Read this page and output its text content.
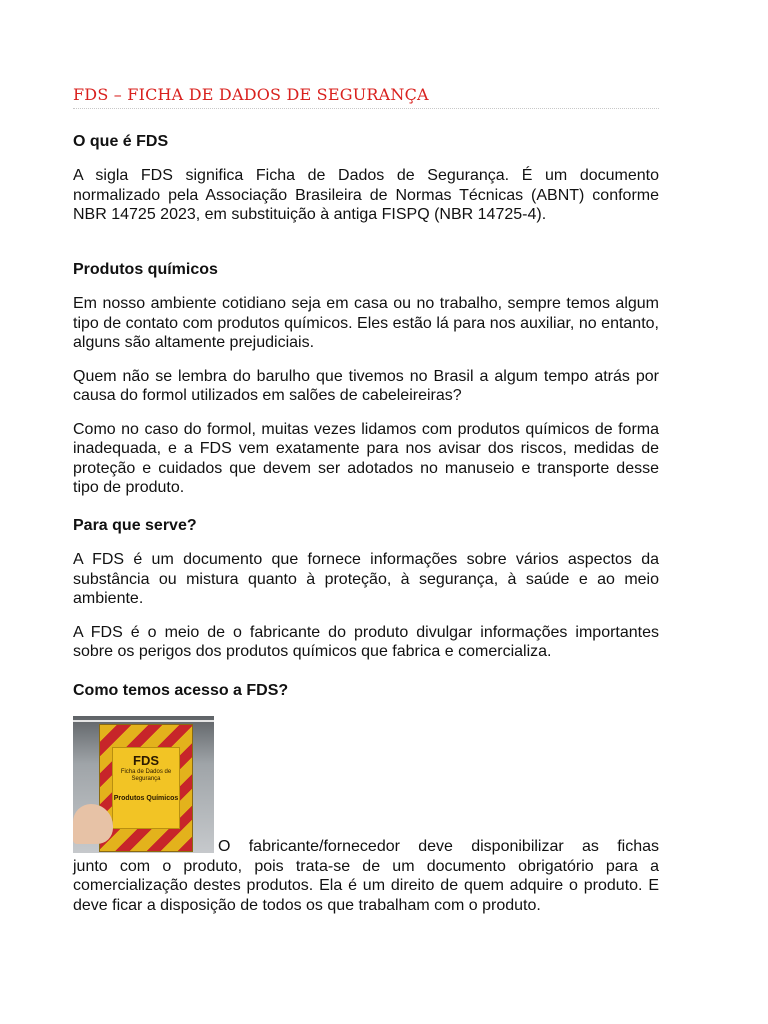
FDS – FICHA DE DADOS DE SEGURANÇA
O que é FDS

A sigla FDS significa Ficha de Dados de Segurança. É um documento normalizado pela Associação Brasileira de Normas Técnicas (ABNT) conforme NBR 14725 2023, em substituição à antiga FISPQ (NBR 14725-4).

Produtos químicos

Em nosso ambiente cotidiano seja em casa ou no trabalho, sempre temos algum tipo de contato com produtos químicos. Eles estão lá para nos auxiliar, no entanto, alguns são altamente prejudiciais.

Quem não se lembra do barulho que tivemos no Brasil a algum tempo atrás por causa do formol utilizados em salões de cabeleireiras?

Como no caso do formol, muitas vezes lidamos com produtos químicos de forma inadequada, e a FDS vem exatamente para nos avisar dos riscos, medidas de proteção e cuidados que devem ser adotados no manuseio e transporte desse tipo de produto.

Para que serve?

A FDS é um documento que fornece informações sobre vários aspectos da substância ou mistura quanto à proteção, à segurança, à saúde e ao meio ambiente.

A FDS é o meio de o fabricante do produto divulgar informações importantes sobre os perigos dos produtos químicos que fabrica e comercializa.

Como temos acesso a FDS?
FDS
Ficha de Dados de Segurança
Produtos Químicos
O fabricante/fornecedor deve disponibilizar as fichas
junto com o produto, pois trata-se de um documento obrigatório para a comercialização destes produtos. Ela é um direito de quem adquire o produto. E deve ficar a disposição de todos os que trabalham com o produto.
